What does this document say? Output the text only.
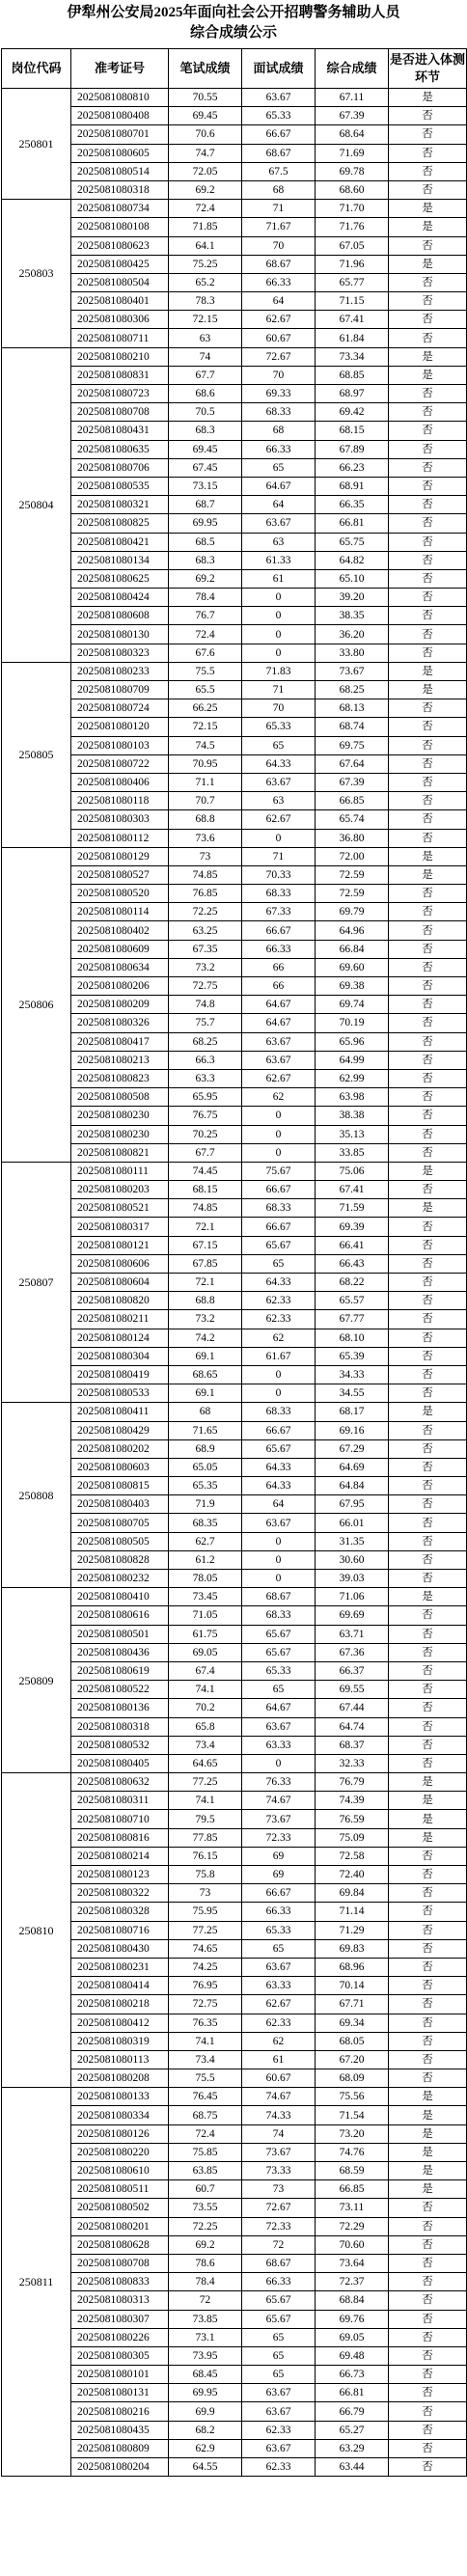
伊犁州公安局2025年面向社会公开招聘警务辅助人员
综合成绩公示
岗位代码	准考证号	笔试成绩	面试成绩	综合成绩	是否进入体测环节
250801	2025081080810	70.55	63.67	67.11	是
	2025081080408	69.45	65.33	67.39	否
	2025081080701	70.6	66.67	68.64	否
	2025081080605	74.7	68.67	71.69	否
	2025081080514	72.05	67.5	69.78	否
	2025081080318	69.2	68	68.60	否
250803	2025081080734	72.4	71	71.70	是
	2025081080108	71.85	71.67	71.76	是
	2025081080623	64.1	70	67.05	否
	2025081080425	75.25	68.67	71.96	是
	2025081080504	65.2	66.33	65.77	否
	2025081080401	78.3	64	71.15	否
	2025081080306	72.15	62.67	67.41	否
	2025081080711	63	60.67	61.84	否
250804	2025081080210	74	72.67	73.34	是
	2025081080831	67.7	70	68.85	是
	2025081080723	68.6	69.33	68.97	否
	2025081080708	70.5	68.33	69.42	否
	2025081080431	68.3	68	68.15	否
	2025081080635	69.45	66.33	67.89	否
	2025081080706	67.45	65	66.23	否
	2025081080535	73.15	64.67	68.91	否
	2025081080321	68.7	64	66.35	否
	2025081080825	69.95	63.67	66.81	否
	2025081080421	68.5	63	65.75	否
	2025081080134	68.3	61.33	64.82	否
	2025081080625	69.2	61	65.10	否
	2025081080424	78.4	0	39.20	否
	2025081080608	76.7	0	38.35	否
	2025081080130	72.4	0	36.20	否
	2025081080323	67.6	0	33.80	否
250805	2025081080233	75.5	71.83	73.67	是
	2025081080709	65.5	71	68.25	是
	2025081080724	66.25	70	68.13	否
	2025081080120	72.15	65.33	68.74	否
	2025081080103	74.5	65	69.75	否
	2025081080722	70.95	64.33	67.64	否
	2025081080406	71.1	63.67	67.39	否
	2025081080118	70.7	63	66.85	否
	2025081080303	68.8	62.67	65.74	否
	2025081080112	73.6	0	36.80	否
250806	2025081080129	73	71	72.00	是
	2025081080527	74.85	70.33	72.59	是
	2025081080520	76.85	68.33	72.59	否
	2025081080114	72.25	67.33	69.79	否
	2025081080402	63.25	66.67	64.96	否
	2025081080609	67.35	66.33	66.84	否
	2025081080634	73.2	66	69.60	否
	2025081080206	72.75	66	69.38	否
	2025081080209	74.8	64.67	69.74	否
	2025081080326	75.7	64.67	70.19	否
	2025081080417	68.25	63.67	65.96	否
	2025081080213	66.3	63.67	64.99	否
	2025081080823	63.3	62.67	62.99	否
	2025081080508	65.95	62	63.98	否
	2025081080230	76.75	0	38.38	否
	2025081080230	70.25	0	35.13	否
	2025081080821	67.7	0	33.85	否
250807	2025081080111	74.45	75.67	75.06	是
	2025081080203	68.15	66.67	67.41	否
	2025081080521	74.85	68.33	71.59	是
	2025081080317	72.1	66.67	69.39	否
	2025081080121	67.15	65.67	66.41	否
	2025081080606	67.85	65	66.43	否
	2025081080604	72.1	64.33	68.22	否
	2025081080820	68.8	62.33	65.57	否
	2025081080211	73.2	62.33	67.77	否
	2025081080124	74.2	62	68.10	否
	2025081080304	69.1	61.67	65.39	否
	2025081080419	68.65	0	34.33	否
	2025081080533	69.1	0	34.55	否
250808	2025081080411	68	68.33	68.17	是
	2025081080429	71.65	66.67	69.16	否
	2025081080202	68.9	65.67	67.29	否
	2025081080603	65.05	64.33	64.69	否
	2025081080815	65.35	64.33	64.84	否
	2025081080403	71.9	64	67.95	否
	2025081080705	68.35	63.67	66.01	否
	2025081080505	62.7	0	31.35	否
	2025081080828	61.2	0	30.60	否
	2025081080232	78.05	0	39.03	否
250809	2025081080410	73.45	68.67	71.06	是
	2025081080616	71.05	68.33	69.69	否
	2025081080501	61.75	65.67	63.71	否
	2025081080436	69.05	65.67	67.36	否
	2025081080619	67.4	65.33	66.37	否
	2025081080522	74.1	65	69.55	否
	2025081080136	70.2	64.67	67.44	否
	2025081080318	65.8	63.67	64.74	否
	2025081080532	73.4	63.33	68.37	否
	2025081080405	64.65	0	32.33	否
250810	2025081080632	77.25	76.33	76.79	是
	2025081080311	74.1	74.67	74.39	是
	2025081080710	79.5	73.67	76.59	是
	2025081080816	77.85	72.33	75.09	是
	2025081080214	76.15	69	72.58	否
	2025081080123	75.8	69	72.40	否
	2025081080322	73	66.67	69.84	否
	2025081080328	75.95	66.33	71.14	否
	2025081080716	77.25	65.33	71.29	否
	2025081080430	74.65	65	69.83	否
	2025081080231	74.25	63.67	68.96	否
	2025081080414	76.95	63.33	70.14	否
	2025081080218	72.75	62.67	67.71	否
	2025081080412	76.35	62.33	69.34	否
	2025081080319	74.1	62	68.05	否
	2025081080113	73.4	61	67.20	否
	2025081080208	75.5	60.67	68.09	否
250811	2025081080133	76.45	74.67	75.56	是
	2025081080334	68.75	74.33	71.54	是
	2025081080126	72.4	74	73.20	是
	2025081080220	75.85	73.67	74.76	是
	2025081080610	63.85	73.33	68.59	是
	2025081080511	60.7	73	66.85	是
	2025081080502	73.55	72.67	73.11	否
	2025081080201	72.25	72.33	72.29	否
	2025081080628	69.2	72	70.60	否
	2025081080708	78.6	68.67	73.64	否
	2025081080833	78.4	66.33	72.37	否
	2025081080313	72	65.67	68.84	否
	2025081080307	73.85	65.67	69.76	否
	2025081080226	73.1	65	69.05	否
	2025081080305	73.95	65	69.48	否
	2025081080101	68.45	65	66.73	否
	2025081080131	69.95	63.67	66.81	否
	2025081080216	69.9	63.67	66.79	否
	2025081080435	68.2	62.33	65.27	否
	2025081080809	62.9	63.67	63.29	否
	2025081080204	64.55	62.33	63.44	否
